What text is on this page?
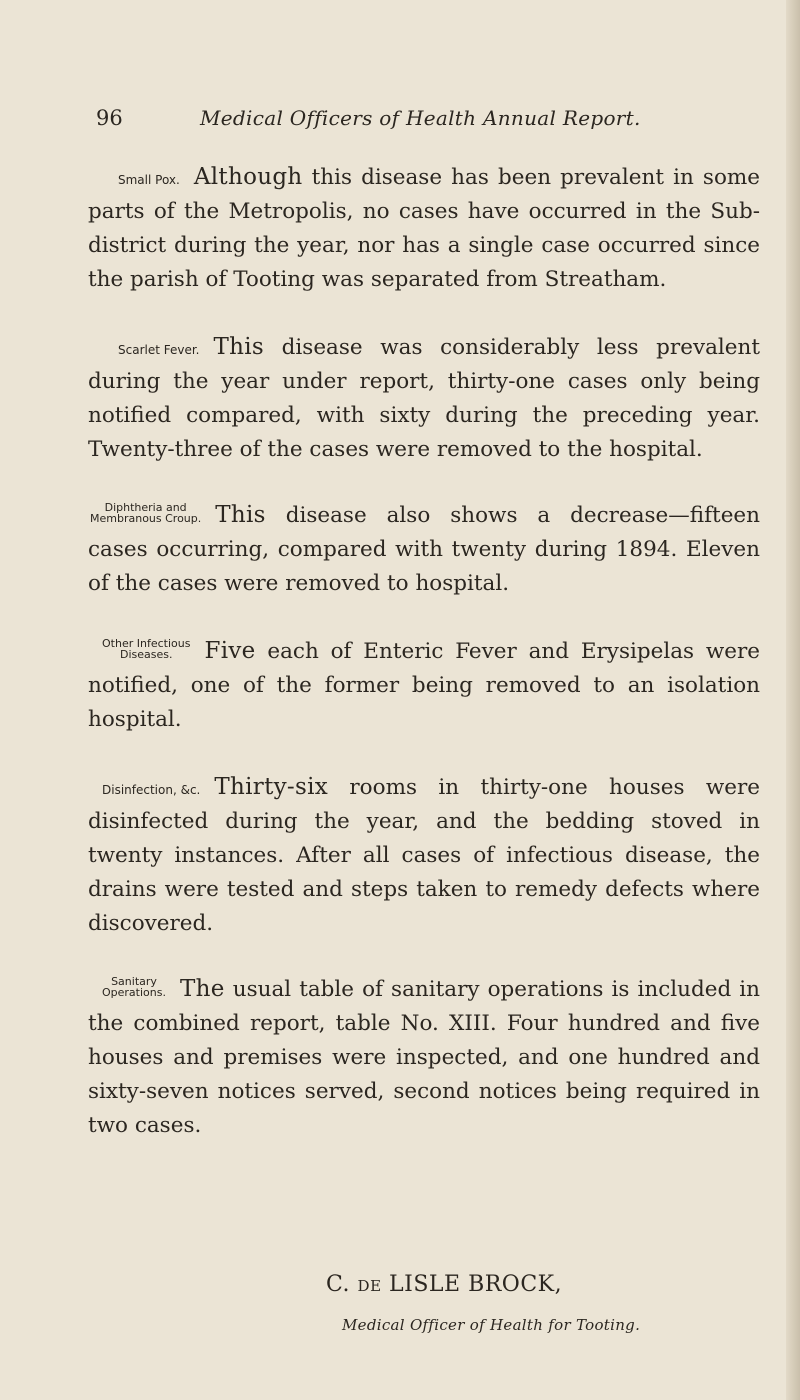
96	Medical Officers of Health Annual Report.
Small Pox. Although this disease has been prevalent in some parts of the Metropolis, no cases have occurred in the Sub-district during the year, nor has a single case occurred since the parish of Tooting was separated from Streatham.
Scarlet Fever. This disease was considerably less prevalent during the year under report, thirty-one cases only being notified compared, with sixty during the preceding year. Twenty-three of the cases were removed to the hospital.
Diphtheria and
Membranous Croup. This disease also shows a decrease—fifteen cases occurring, compared with twenty during 1894. Eleven of the cases were removed to hospital.
Other Infectious
Diseases.	Five each of Enteric Fever and Erysipelas were notified, one of the former being removed to an isolation hospital.
Disinfection, &c. Thirty-six rooms in thirty-one houses were disinfected during the year, and the bedding stoved in twenty instances. After all cases of infectious disease, the drains were tested and steps taken to remedy defects where discovered.
Sanitary
Operations. The usual table of sanitary operations is included in the combined report, table No. XIII. Four hundred and five houses and premises were inspected, and one hundred and sixty-seven notices served, second notices being required in two cases.
C. DE LISLE BROCK,
Medical Officer of Health for Tooting.
